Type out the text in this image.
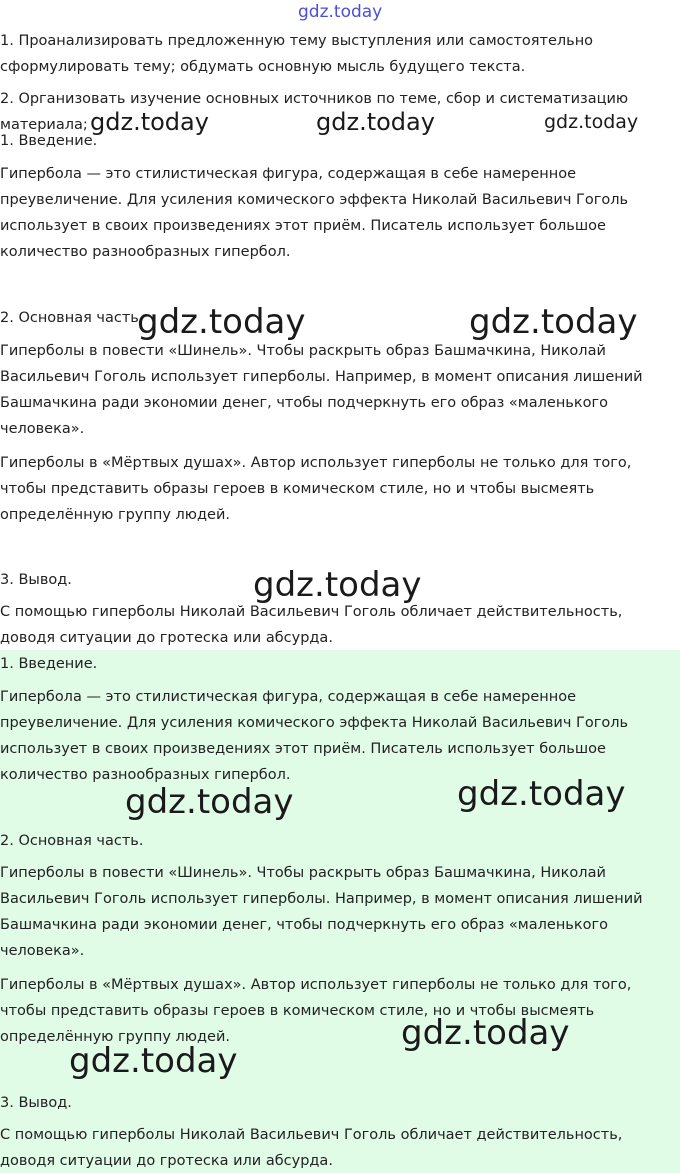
gdz.today

1. Проанализировать предложенную тему выступления или самостоятельно сформулировать тему; обдумать основную мысль будущего текста.

2. Организовать изучение основных источников по теме, сбор и систематизацию материала;

1. Введение.

Гипербола — это стилистическая фигура, содержащая в себе намеренное преувеличение. Для усиления комического эффекта Николай Васильевич Гоголь использует в своих произведениях этот приём. Писатель использует большое количество разнообразных гипербол.

2. Основная часть.

Гиперболы в повести «Шинель». Чтобы раскрыть образ Башмачкина, Николай Васильевич Гоголь использует гиперболы. Например, в момент описания лишений Башмачкина ради экономии денег, чтобы подчеркнуть его образ «маленького человека».

Гиперболы в «Мёртвых душах». Автор использует гиперболы не только для того, чтобы представить образы героев в комическом стиле, но и чтобы высмеять определённую группу людей.

3. Вывод.

С помощью гиперболы Николай Васильевич Гоголь обличает действительность, доводя ситуации до гротеска или абсурда.

1. Введение.

Гипербола — это стилистическая фигура, содержащая в себе намеренное преувеличение. Для усиления комического эффекта Николай Васильевич Гоголь использует в своих произведениях этот приём. Писатель использует большое количество разнообразных гипербол.

2. Основная часть.

Гиперболы в повести «Шинель». Чтобы раскрыть образ Башмачкина, Николай Васильевич Гоголь использует гиперболы. Например, в момент описания лишений Башмачкина ради экономии денег, чтобы подчеркнуть его образ «маленького человека».

Гиперболы в «Мёртвых душах». Автор использует гиперболы не только для того, чтобы представить образы героев в комическом стиле, но и чтобы высмеять определённую группу людей.

3. Вывод.

С помощью гиперболы Николай Васильевич Гоголь обличает действительность, доводя ситуации до гротеска или абсурда.

gdz.today	gdz.today	gdz.today
gdz.today	gdz.today
gdz.today
gdz.today	gdz.today
gdz.today
gdz.today
